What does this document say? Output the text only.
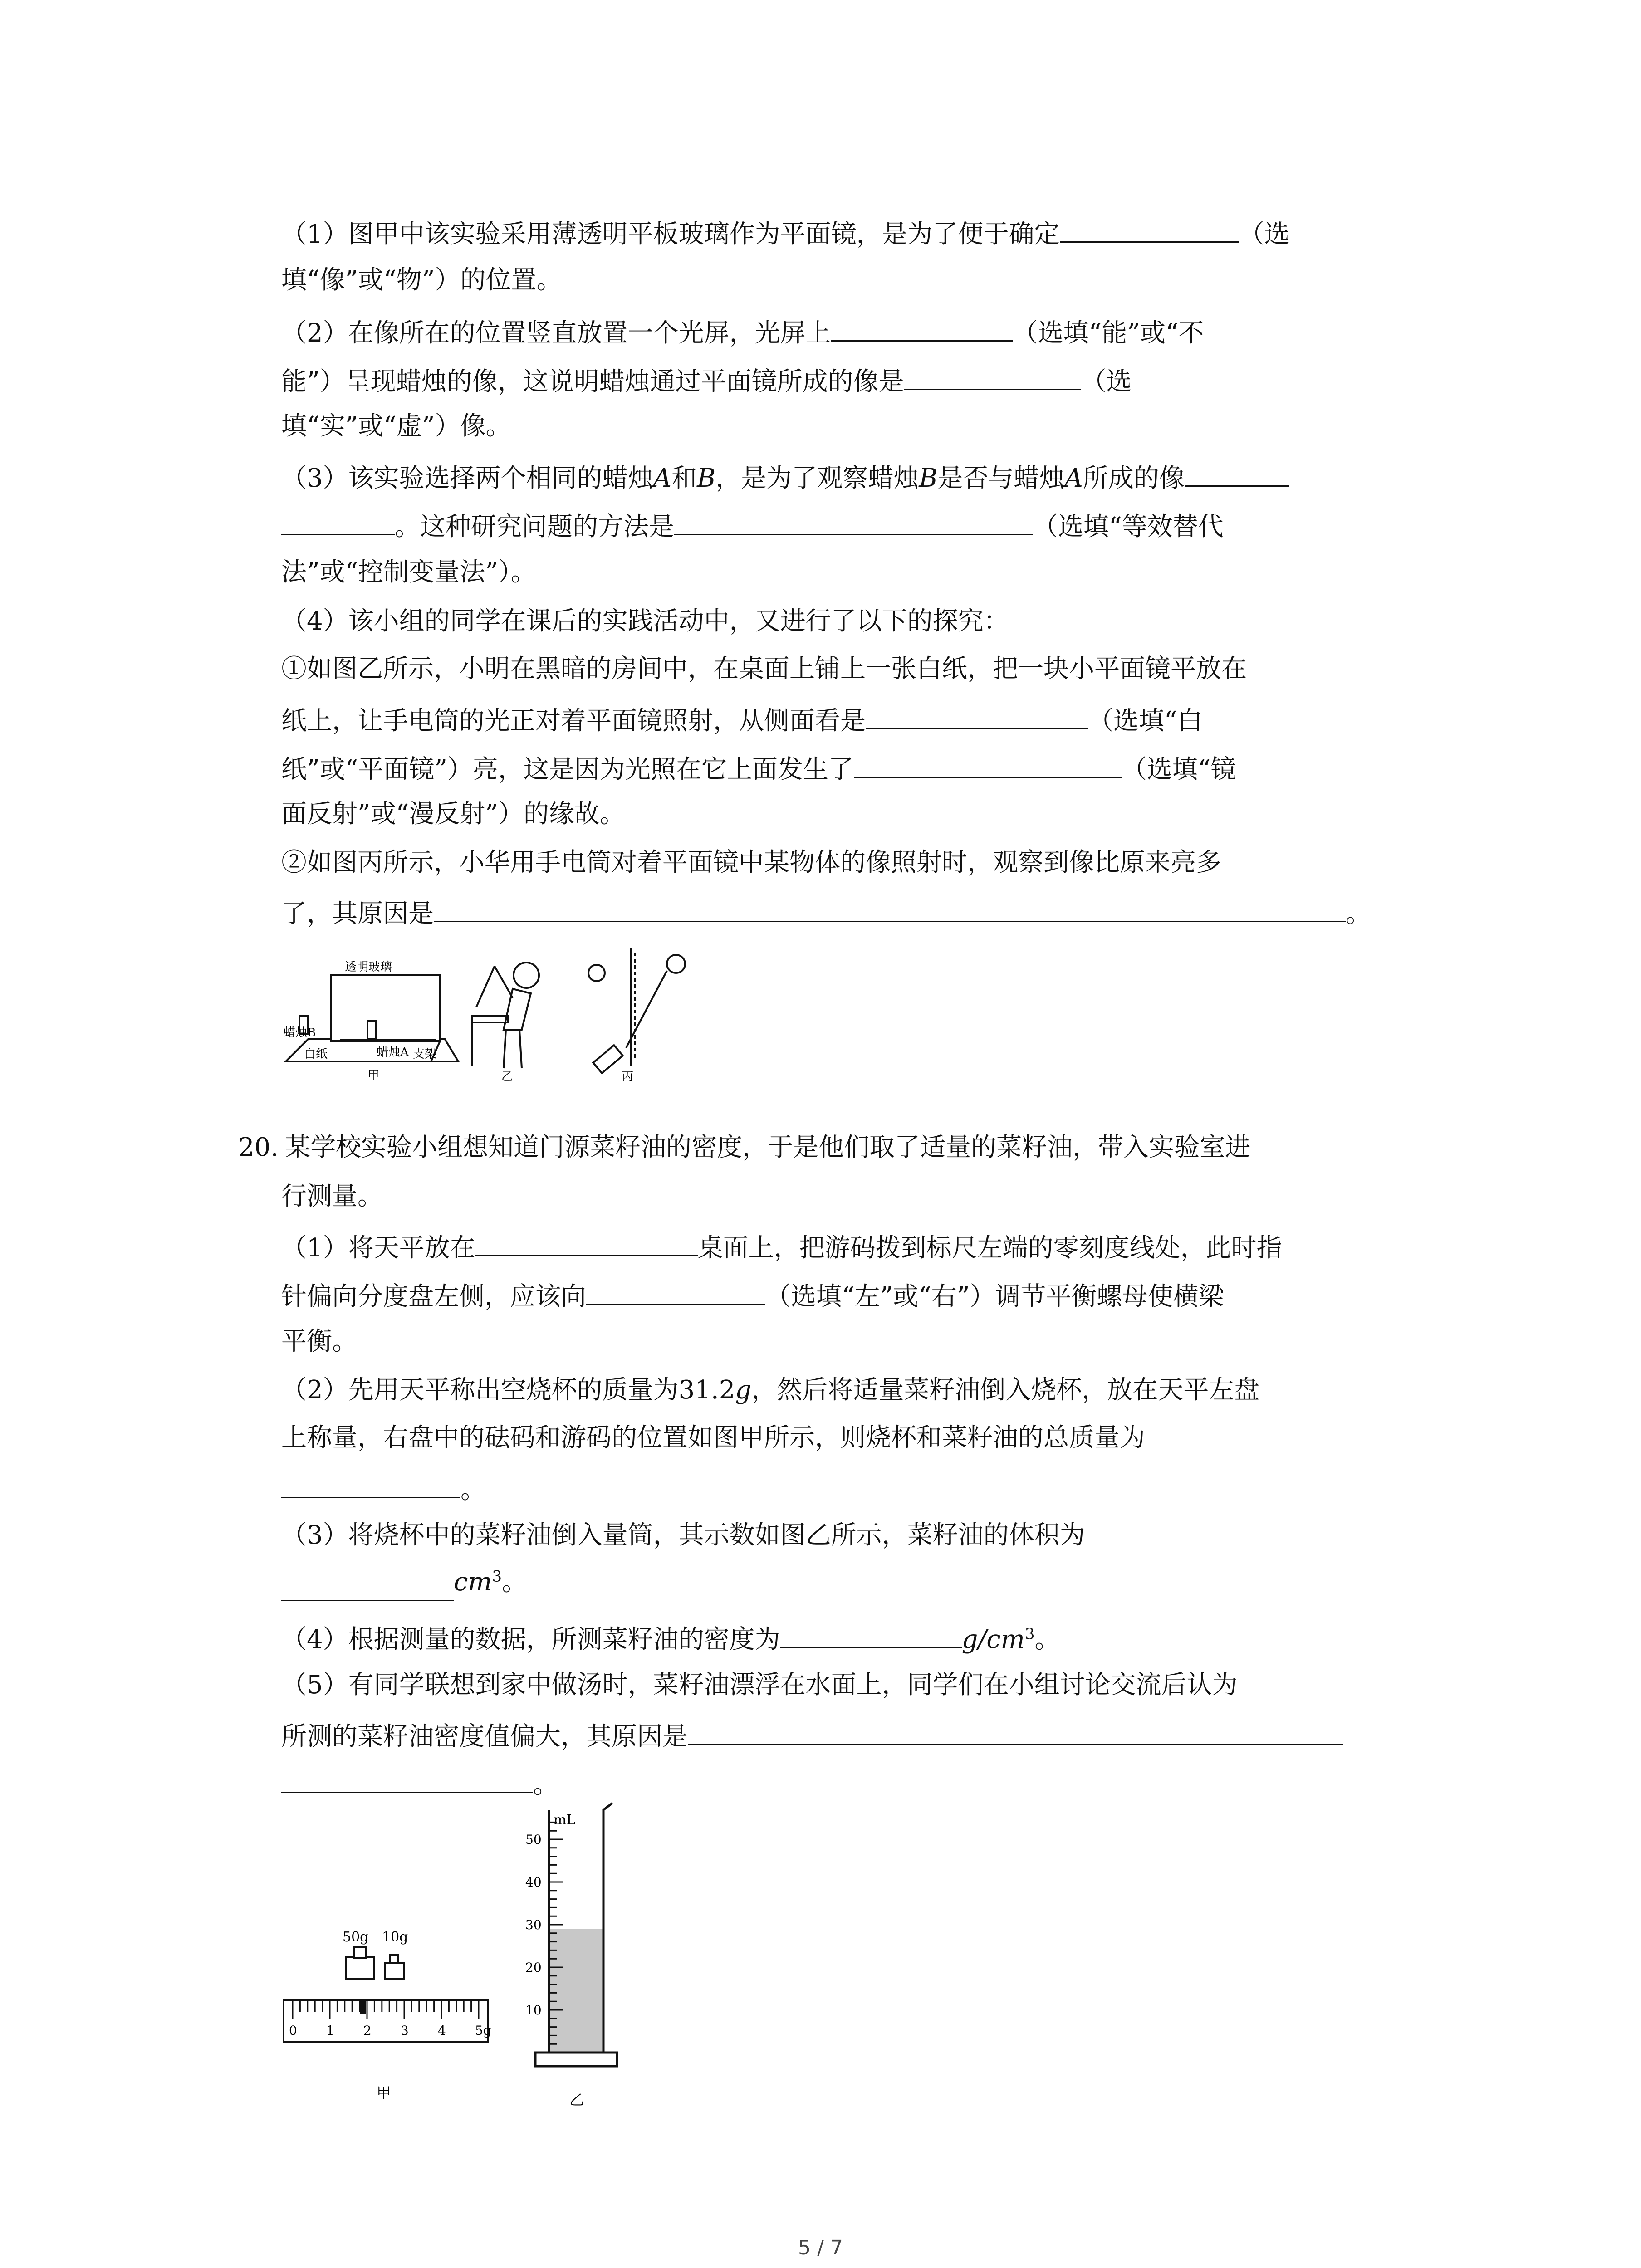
（1）图甲中该实验采用薄透明平板玻璃作为平面镜，是为了便于确定	（选
填“像”或“物”）的位置。
（2）在像所在的位置竖直放置一个光屏，光屏上	（选填“能”或“不
能”）呈现蜡烛的像，这说明蜡烛通过平面镜所成的像是	（选
填“实”或“虚”）像。
（3）该实验选择两个相同的蜡烛A和B，是为了观察蜡烛B是否与蜡烛A所成的像
。这种研究问题的方法是	（选填“等效替代
法”或“控制变量法”）。
（4）该小组的同学在课后的实践活动中，又进行了以下的探究：
①如图乙所示，小明在黑暗的房间中，在桌面上铺上一张白纸，把一块小平面镜平放在
纸上，让手电筒的光正对着平面镜照射，从侧面看是	（选填“白
纸”或“平面镜”）亮，这是因为光照在它上面发生了	（选填“镜
面反射”或“漫反射”）的缘故。
②如图丙所示，小华用手电筒对着平面镜中某物体的像照射时，观察到像比原来亮多
了，其原因是	。
透明玻璃
蜡烛B
白纸	蜡烛A 支架
甲	乙	丙
20. 某学校实验小组想知道门源菜籽油的密度，于是他们取了适量的菜籽油，带入实验室进
行测量。
（1）将天平放在	桌面上，把游码拨到标尺左端的零刻度线处，此时指
针偏向分度盘左侧，应该向	（选填“左”或“右”）调节平衡螺母使横梁
平衡。
（2）先用天平称出空烧杯的质量为31.2g，然后将适量菜籽油倒入烧杯，放在天平左盘
上称量，右盘中的砝码和游码的位置如图甲所示，则烧杯和菜籽油的总质量为
。
（3）将烧杯中的菜籽油倒入量筒，其示数如图乙所示，菜籽油的体积为
$cm^3$。
（4）根据测量的数据，所测菜籽油的密度为	$g/cm^3$。
（5）有同学联想到家中做汤时，菜籽油漂浮在水面上，同学们在小组讨论交流后认为
所测的菜籽油密度值偏大，其原因是
。
50g 10g
0 1 2 3 4 5g
甲
mL
50
40
30
20
10
乙
5 / 7
